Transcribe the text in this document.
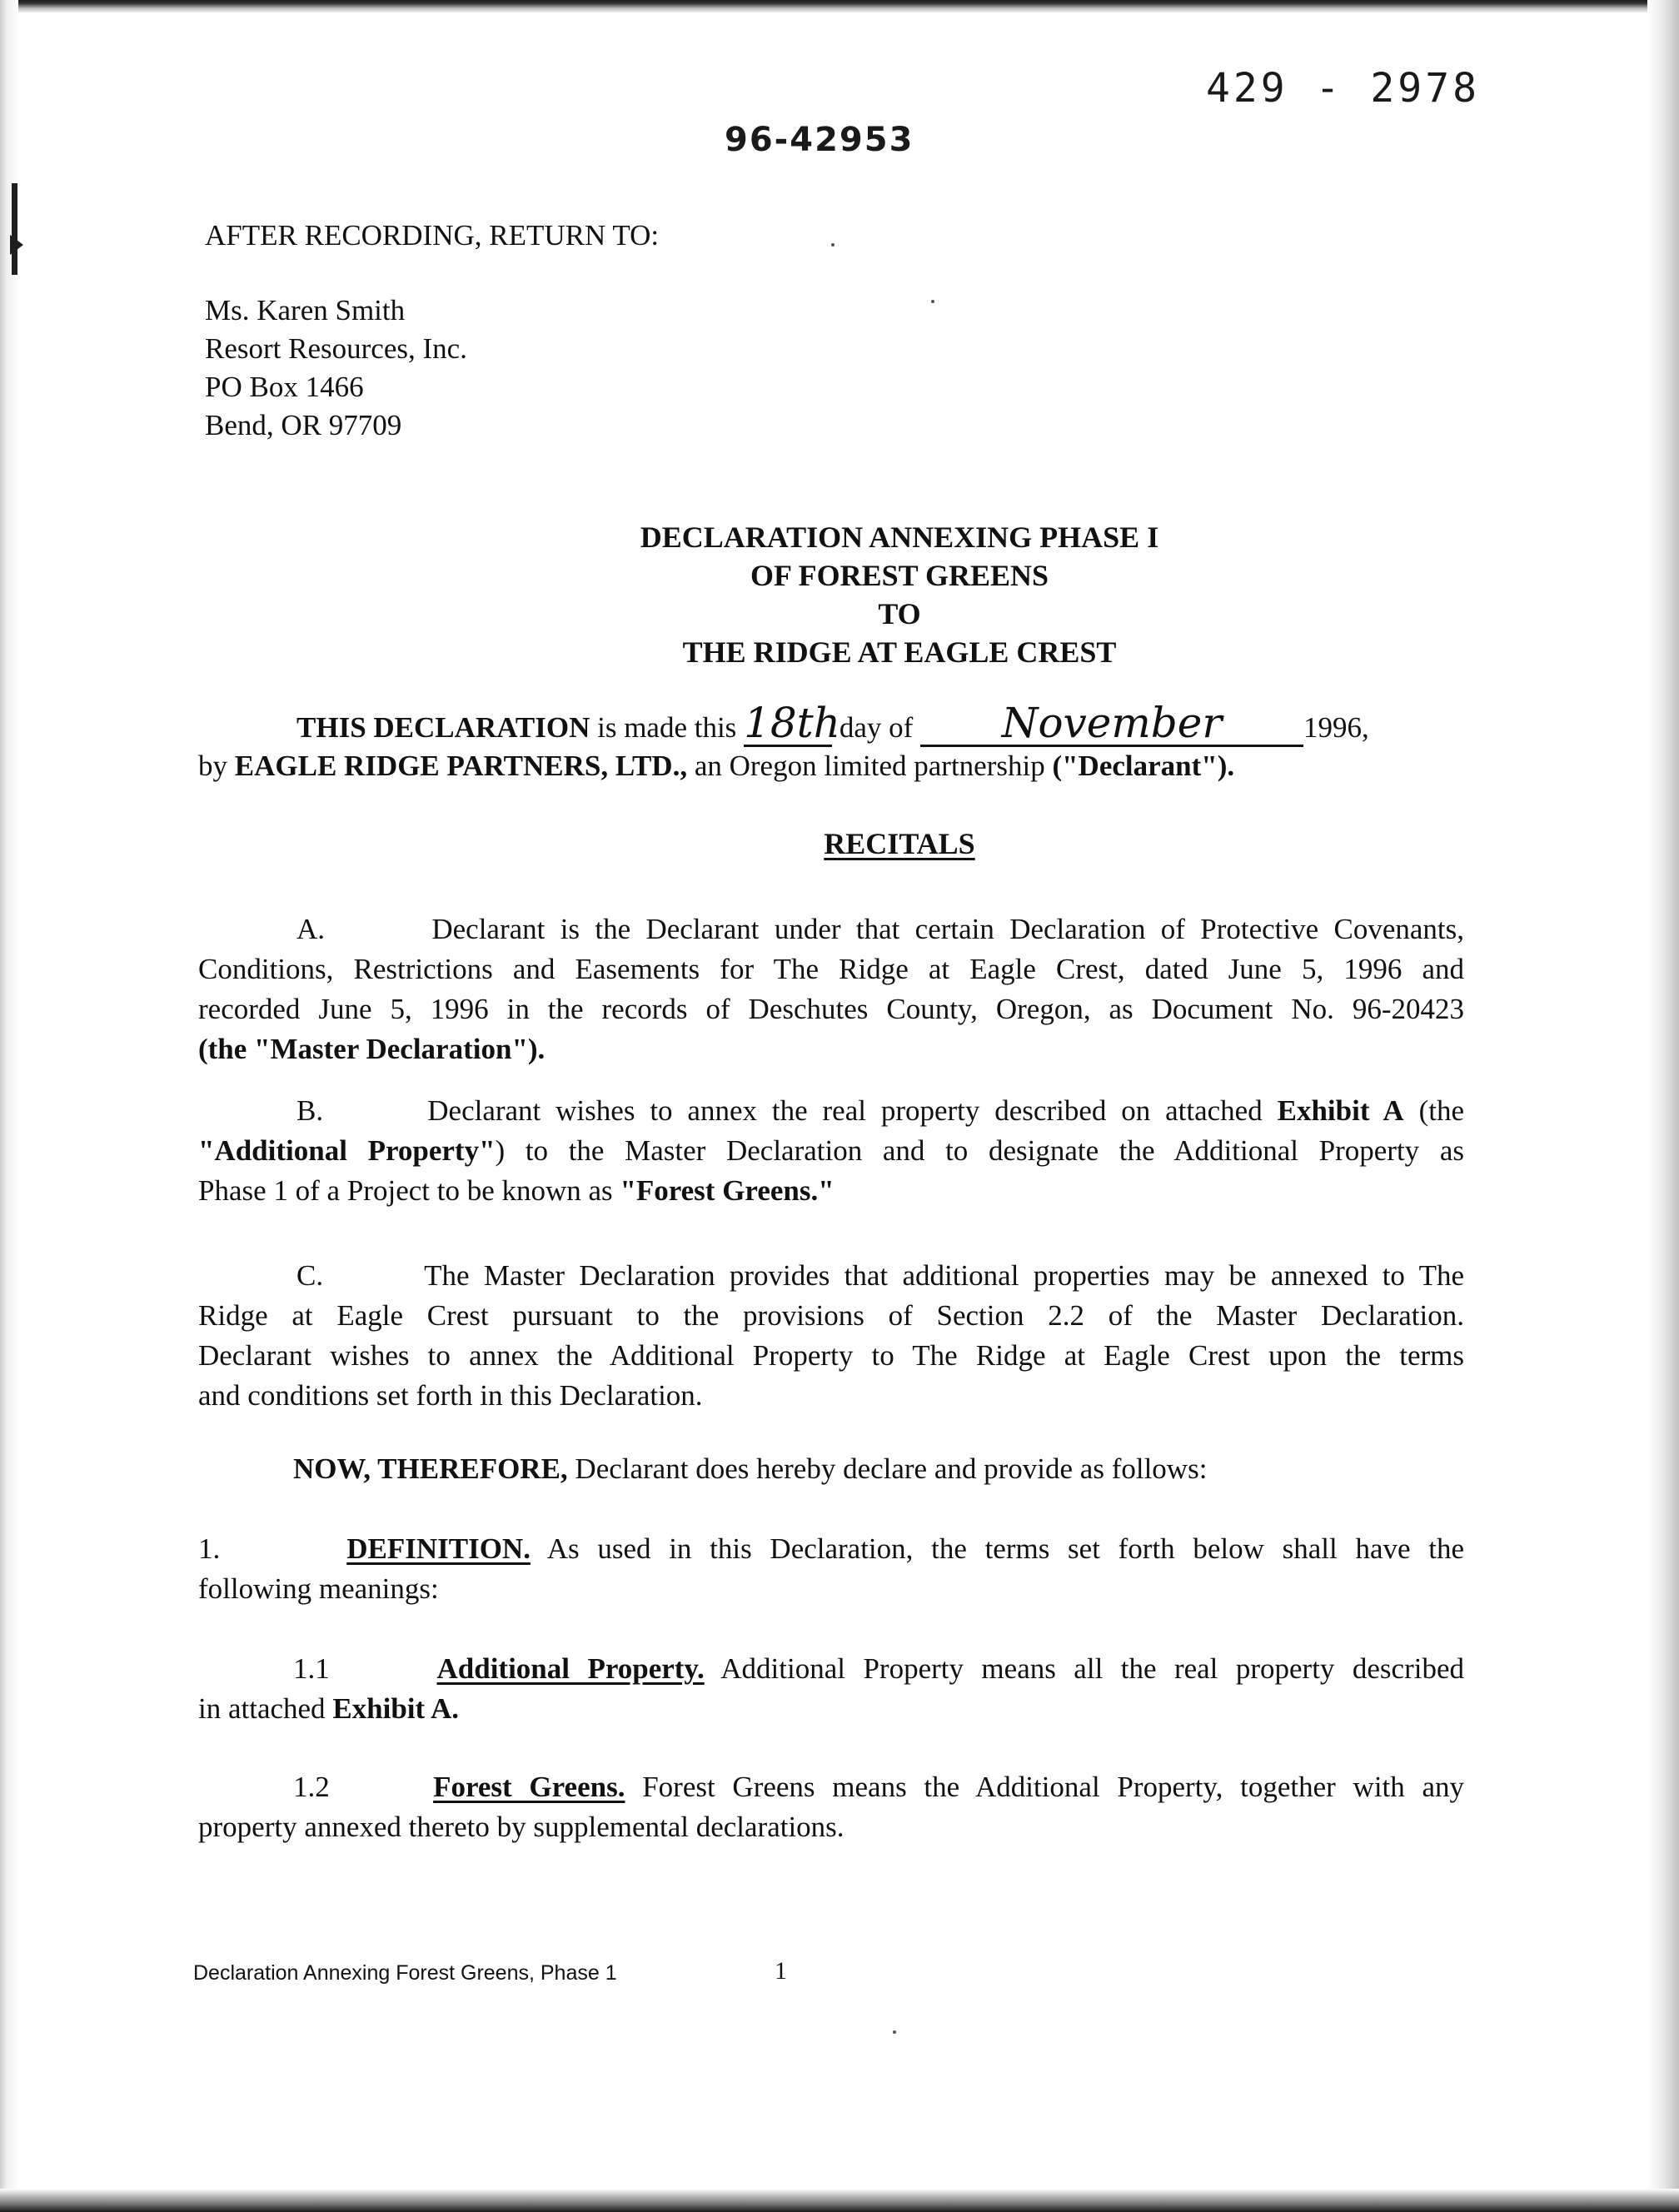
429 - 2978
96-42953
AFTER RECORDING, RETURN TO:
Ms. Karen Smith
Resort Resources, Inc.
PO Box 1466
Bend, OR 97709
DECLARATION ANNEXING PHASE I
OF FOREST GREENS
TO
THE RIDGE AT EAGLE CREST
THIS DECLARATION is made this 18th day of November	1996,
by EAGLE RIDGE PARTNERS, LTD., an Oregon limited partnership ("Declarant").
RECITALS
A.	Declarant is the Declarant under that certain Declaration of Protective Covenants,
Conditions, Restrictions and Easements for The Ridge at Eagle Crest, dated June 5, 1996 and
recorded June 5, 1996 in the records of Deschutes County, Oregon, as Document No. 96-20423
(the "Master Declaration").
B.	Declarant wishes to annex the real property described on attached Exhibit A (the
"Additional Property") to the Master Declaration and to designate the Additional Property as
Phase 1 of a Project to be known as "Forest Greens."
C.	The Master Declaration provides that additional properties may be annexed to The
Ridge at Eagle Crest pursuant to the provisions of Section 2.2 of the Master Declaration.
Declarant wishes to annex the Additional Property to The Ridge at Eagle Crest upon the terms
and conditions set forth in this Declaration.
NOW, THEREFORE, Declarant does hereby declare and provide as follows:
1.	DEFINITION. As used in this Declaration, the terms set forth below shall have the
following meanings:
1.1	Additional Property. Additional Property means all the real property described
in attached Exhibit A.
1.2	Forest Greens. Forest Greens means the Additional Property, together with any
property annexed thereto by supplemental declarations.
Declaration Annexing Forest Greens, Phase 1	1
